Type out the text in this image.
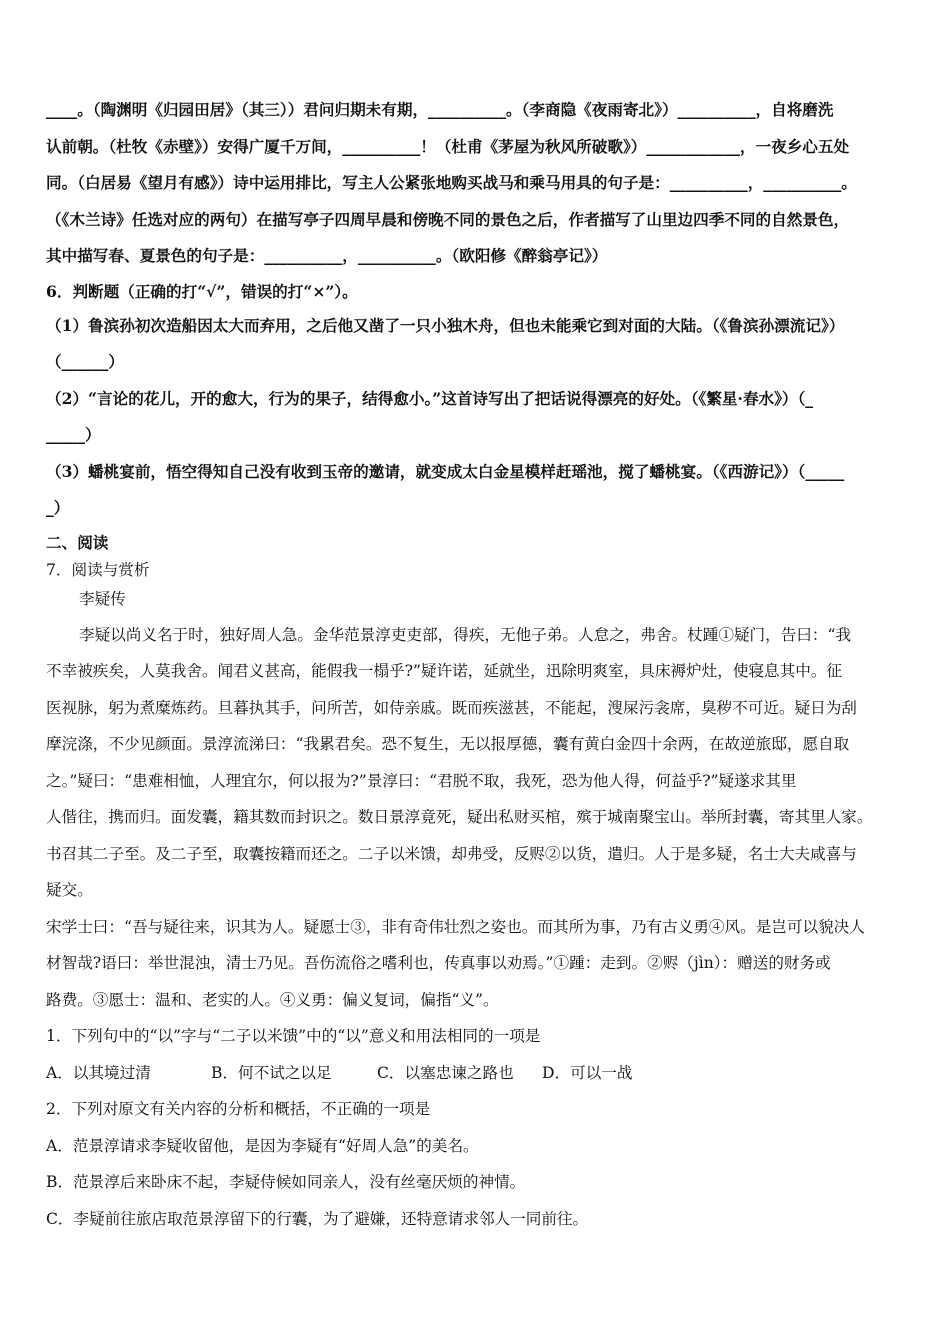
____。（陶渊明《归园田居》（其三））君问归期未有期，__________。（李商隐《夜雨寄北》）__________，自将磨洗

认前朝。（杜牧《赤壁》）安得广厦千万间，__________！（杜甫《茅屋为秋风所破歌》）____________，一夜乡心五处

同。（白居易《望月有感》）诗中运用排比，写主人公紧张地购买战马和乘马用具的句子是：__________，__________。

（《木兰诗》任选对应的两句）在描写亭子四周早晨和傍晚不同的景色之后，作者描写了山里边四季不同的自然景色，

其中描写春、夏景色的句子是：__________，__________。（欧阳修《醉翁亭记》）

6．判断题（正确的打“√”，错误的打“×”）。

（1）鲁滨孙初次造船因太大而弃用，之后他又凿了一只小独木舟，但也未能乘它到对面的大陆。（《鲁滨孙漂流记》）

（______）

（2）“言论的花儿，开的愈大，行为的果子，结得愈小。”这首诗写出了把话说得漂亮的好处。（《繁星·春水》）（_

_____）

（3）蟠桃宴前，悟空得知自己没有收到玉帝的邀请，就变成太白金星模样赶瑶池，搅了蟠桃宴。（《西游记》）（_____

_）

二、阅读

7．阅读与赏析

李疑传

李疑以尚义名于时，独好周人急。金华范景淳吏吏部，得疾，无他子弟。人怠之，弗舍。杖踵①疑门，告曰：“我

不幸被疾矣，人莫我舍。闻君义甚高，能假我一榻乎?”疑许诺，延就坐，迅除明爽室，具床褥炉灶，使寝息其中。征

医视脉，躬为煮糜炼药。旦暮执其手，问所苦，如侍亲戚。既而疾滋甚，不能起，溲屎污衾席，臭秽不可近。疑日为刮

摩浣涤，不少见颜面。景淳流涕曰：“我累君矣。恐不复生，无以报厚德，囊有黄白金四十余两，在故逆旅邸，愿自取

之。”疑曰：“患难相恤，人理宜尔，何以报为?”景淳曰：“君脱不取，我死，恐为他人得，何益乎?”疑遂求其里

人偕往，携而归。面发囊，籍其数而封识之。数日景淳竟死，疑出私财买棺，殡于城南聚宝山。举所封囊，寄其里人家。

书召其二子至。及二子至，取囊按籍而还之。二子以米馈，却弗受，反赆②以货，遣归。人于是多疑，名士大夫咸喜与

疑交。

宋学士曰：“吾与疑往来，识其为人。疑愿士③，非有奇伟壮烈之姿也。而其所为事，乃有古义勇④风。是岂可以貌决人

材智哉?语曰：举世混浊，清士乃见。吾伤流俗之嗜利也，传真事以劝焉。”①踵：走到。②赆（jìn）：赠送的财务或

路费。③愿士：温和、老实的人。④义勇：偏义复词，偏指“义”。

1．下列句中的“以”字与“二子以米馈”中的“以”意义和用法相同的一项是

A．以其境过清	B．何不试之以足	C．以塞忠谏之路也 D．可以一战

2．下列对原文有关内容的分析和概括，不正确的一项是

A．范景淳请求李疑收留他，是因为李疑有“好周人急”的美名。

B．范景淳后来卧床不起，李疑侍候如同亲人，没有丝毫厌烦的神情。

C．李疑前往旅店取范景淳留下的行囊，为了避嫌，还特意请求邻人一同前往。
